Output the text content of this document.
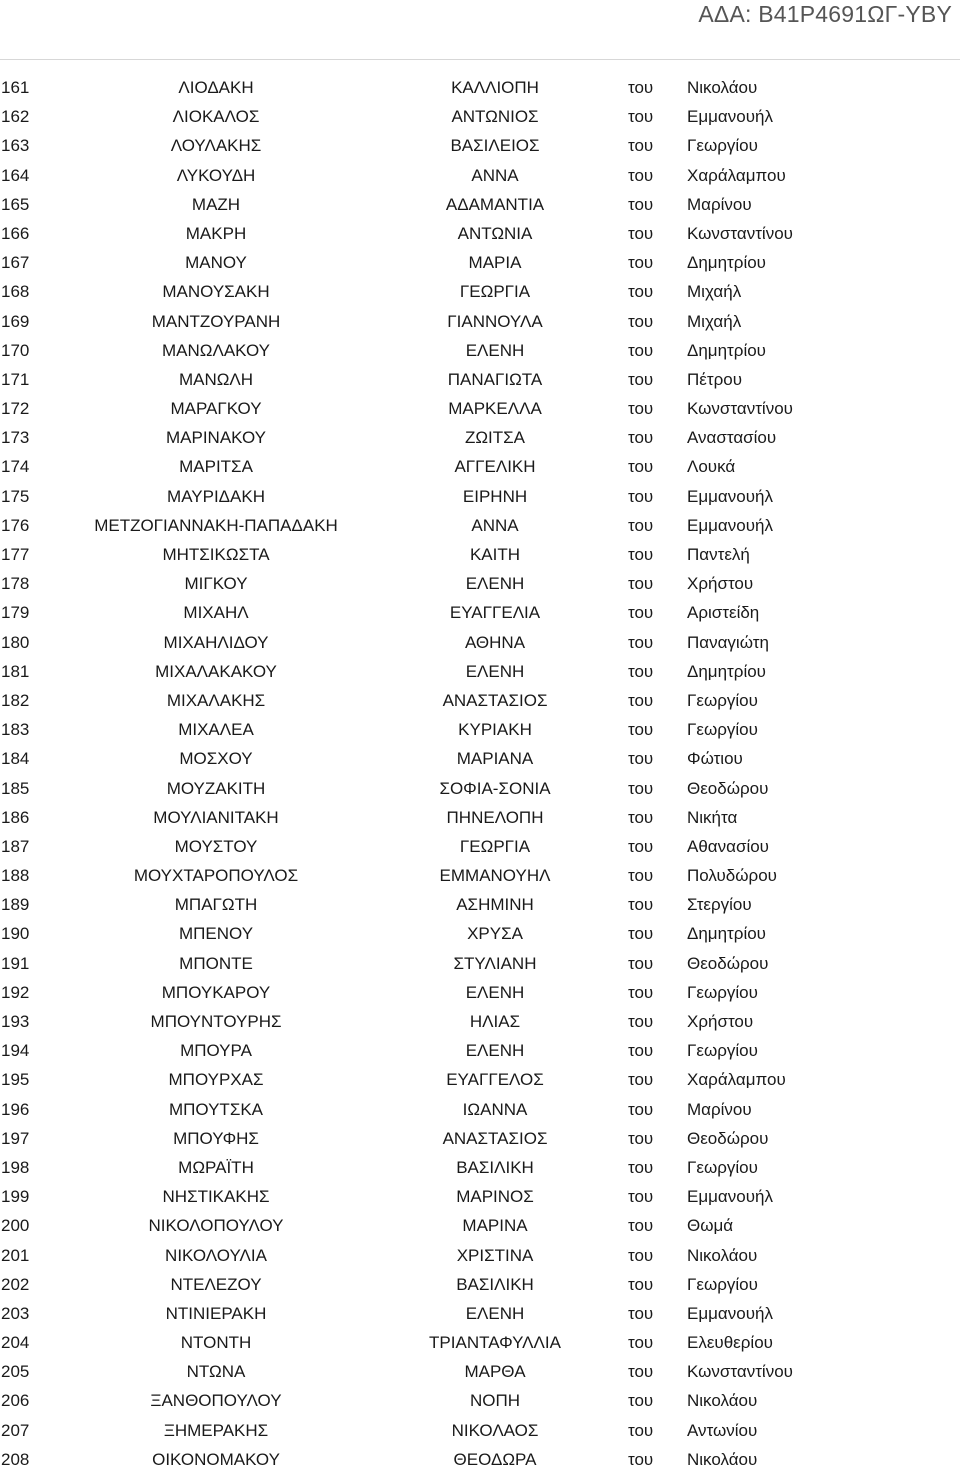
ΑΔΑ: Β41Ρ4691ΩΓ-ΥΒΥ
161	ΛΙΟΔΑΚΗ	ΚΑΛΛΙΟΠΗ	του Νικολάου
162	ΛΙΟΚΑΛΟΣ	ΑΝΤΩΝΙΟΣ	του Εμμανουήλ
163	ΛΟΥΛΑΚΗΣ	ΒΑΣΙΛΕΙΟΣ	του Γεωργίου
164	ΛΥΚΟΥΔΗ	ΑΝΝΑ	του Χαράλαμπου
165	ΜΑΖΗ	ΑΔΑΜΑΝΤΙΑ	του Μαρίνου
166	ΜΑΚΡΗ	ΑΝΤΩΝΙΑ	του Κωνσταντίνου
167	ΜΑΝΟΥ	ΜΑΡΙΑ	του Δημητρίου
168	ΜΑΝΟΥΣΑΚΗ	ΓΕΩΡΓΙΑ	του Μιχαήλ
169	ΜΑΝΤΖΟΥΡΑΝΗ	ΓΙΑΝΝΟΥΛΑ	του Μιχαήλ
170	ΜΑΝΩΛΑΚΟΥ	ΕΛΕΝΗ	του Δημητρίου
171	ΜΑΝΩΛΗ	ΠΑΝΑΓΙΩΤΑ	του Πέτρου
172	ΜΑΡΑΓΚΟΥ	ΜΑΡΚΕΛΛΑ	του Κωνσταντίνου
173	ΜΑΡΙΝΑΚΟΥ	ΖΩΙΤΣΑ	του Αναστασίου
174	ΜΑΡΙΤΣΑ	ΑΓΓΕΛΙΚΗ	του Λουκά
175	ΜΑΥΡΙΔΑΚΗ	ΕΙΡΗΝΗ	του Εμμανουήλ
176	ΜΕΤΖΟΓΙΑΝΝΑΚΗ-ΠΑΠΑΔΑΚΗ	ΑΝΝΑ	του Εμμανουήλ
177	ΜΗΤΣΙΚΩΣΤΑ	ΚΑΙΤΗ	του Παντελή
178	ΜΙΓΚΟΥ	ΕΛΕΝΗ	του Χρήστου
179	ΜΙΧΑΗΛ	ΕΥΑΓΓΕΛΙΑ	του Αριστείδη
180	ΜΙΧΑΗΛΙΔΟΥ	ΑΘΗΝΑ	του Παναγιώτη
181	ΜΙΧΑΛΑΚΑΚΟΥ	ΕΛΕΝΗ	του Δημητρίου
182	ΜΙΧΑΛΑΚΗΣ	ΑΝΑΣΤΑΣΙΟΣ	του Γεωργίου
183	ΜΙΧΑΛΕΑ	ΚΥΡΙΑΚΗ	του Γεωργίου
184	ΜΟΣΧΟΥ	ΜΑΡΙΑΝΑ	του Φώτιου
185	ΜΟΥΖΑΚΙΤΗ	ΣΟΦΙΑ-ΣΟΝΙΑ	του Θεοδώρου
186	ΜΟΥΛΙΑΝΙΤΑΚΗ	ΠΗΝΕΛΟΠΗ	του Νικήτα
187	ΜΟΥΣΤΟΥ	ΓΕΩΡΓΙΑ	του Αθανασίου
188	ΜΟΥΧΤΑΡΟΠΟΥΛΟΣ	ΕΜΜΑΝΟΥΗΛ	του Πολυδώρου
189	ΜΠΑΓΩΤΗ	ΑΣΗΜΙΝΗ	του Στεργίου
190	ΜΠΕΝΟΥ	ΧΡΥΣΑ	του Δημητρίου
191	ΜΠΟΝΤΕ	ΣΤΥΛΙΑΝΗ	του Θεοδώρου
192	ΜΠΟΥΚΑΡΟΥ	ΕΛΕΝΗ	του Γεωργίου
193	ΜΠΟΥΝΤΟΥΡΗΣ	ΗΛΙΑΣ	του Χρήστου
194	ΜΠΟΥΡΑ	ΕΛΕΝΗ	του Γεωργίου
195	ΜΠΟΥΡΧΑΣ	ΕΥΑΓΓΕΛΟΣ	του Χαράλαμπου
196	ΜΠΟΥΤΣΚΑ	ΙΩΑΝΝΑ	του Μαρίνου
197	ΜΠΟΥΦΗΣ	ΑΝΑΣΤΑΣΙΟΣ	του Θεοδώρου
198	ΜΩΡΑΪΤΗ	ΒΑΣΙΛΙΚΗ	του Γεωργίου
199	ΝΗΣΤΙΚΑΚΗΣ	ΜΑΡΙΝΟΣ	του Εμμανουήλ
200	ΝΙΚΟΛΟΠΟΥΛΟΥ	ΜΑΡΙΝΑ	του Θωμά
201	ΝΙΚΟΛΟΥΛΙΑ	ΧΡΙΣΤΙΝΑ	του Νικολάου
202	ΝΤΕΛΕΖΟΥ	ΒΑΣΙΛΙΚΗ	του Γεωργίου
203	ΝΤΙΝΙΕΡΑΚΗ	ΕΛΕΝΗ	του Εμμανουήλ
204	ΝΤΟΝΤΗ	ΤΡΙΑΝΤΑΦΥΛΛΙΑ	του Ελευθερίου
205	ΝΤΩΝΑ	ΜΑΡΘΑ	του Κωνσταντίνου
206	ΞΑΝΘΟΠΟΥΛΟΥ	ΝΟΠΗ	του Νικολάου
207	ΞΗΜΕΡΑΚΗΣ	ΝΙΚΟΛΑΟΣ	του Αντωνίου
208	ΟΙΚΟΝΟΜΑΚΟΥ	ΘΕΟΔΩΡΑ	του Νικολάου
